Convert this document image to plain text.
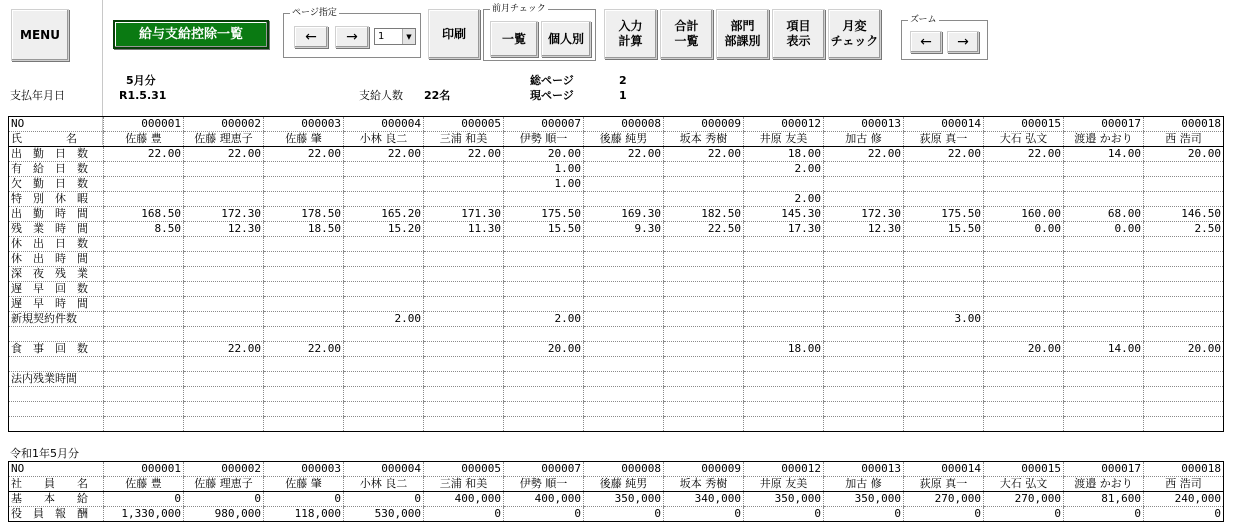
MENU	給与支給控除一覧
ページ指定
← →	1	▼	印刷
前月チェック
一覧	個人別
入力
計算
合計
一覧
部門
部課別
項目
表示
月変
チェック
ズーム
← →
支払年月日
5月分
R1.5.31	支給人数 22名
総ページ	2
現ページ	1
NO	000001	000002	000003	000004	000005	000007	000008	000009	000012	000013	000014	000015	000017	000018
氏　　　　名	佐藤 豊	佐藤 理恵子	佐藤 肇	小林 良二	三浦 和美	伊勢 順一	後藤 純男	坂本 秀樹	井原 友美	加古 修	荻原 真一	大石 弘文	渡邉 かおり	西 浩司
出　勤　日　数	22.00	22.00	22.00	22.00	22.00	20.00	22.00	22.00	18.00	22.00	22.00	22.00	14.00	20.00
有　給　日　数						1.00			2.00					
欠　勤　日　数						1.00								
特　別　休　暇									2.00					
出　勤　時　間	168.50	172.30	178.50	165.20	171.30	175.50	169.30	182.50	145.30	172.30	175.50	160.00	68.00	146.50
残　業　時　間	8.50	12.30	18.50	15.20	11.30	15.50	9.30	22.50	17.30	12.30	15.50	0.00	0.00	2.50
休　出　日　数														
休　出　時　間														
深　夜　残　業														
遅　早　回　数														
遅　早　時　間														
新規契約件数				2.00		2.00					3.00			

食　事　回　数		22.00	22.00			20.00			18.00			20.00	14.00	20.00

法内残業時間														

令和1年5月分
NO	000001	000002	000003	000004	000005	000007	000008	000009	000012	000013	000014	000015	000017	000018
社　　員　　名	佐藤 豊	佐藤 理恵子	佐藤 肇	小林 良二	三浦 和美	伊勢 順一	後藤 純男	坂本 秀樹	井原 友美	加古 修	荻原 真一	大石 弘文	渡邉 かおり	西 浩司
基　　本　　給	0	0	0	0	400,000	400,000	350,000	340,000	350,000	350,000	270,000	270,000	81,600	240,000
役　員　報　酬	1,330,000	980,000	118,000	530,000	0	0	0	0	0	0	0	0	0	0
